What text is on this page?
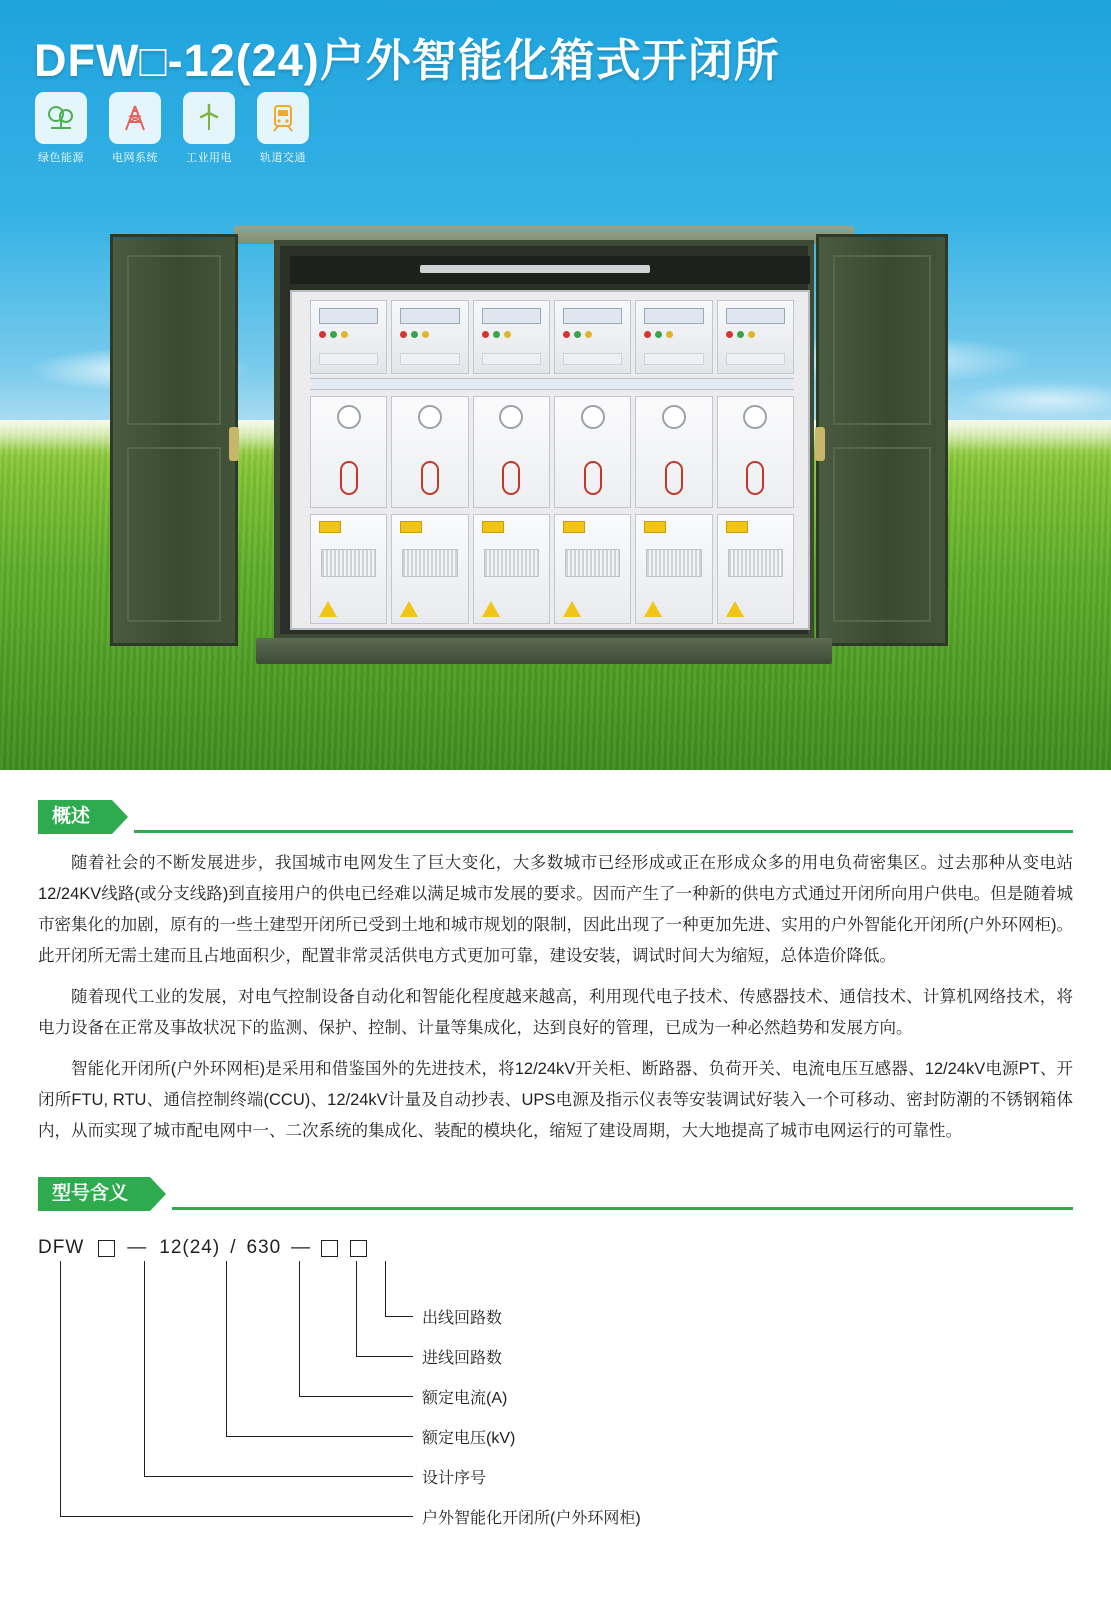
DFW□-12(24)户外智能化箱式开闭所
绿色能源	电网系统	工业用电	轨道交通
概述

随着社会的不断发展进步，我国城市电网发生了巨大变化，大多数城市已经形成或正在形成众多的用电负荷密集区。过去那种从变电站12/24KV线路(或分支线路)到直接用户的供电已经难以满足城市发展的要求。因而产生了一种新的供电方式通过开闭所向用户供电。但是随着城市密集化的加剧，原有的一些土建型开闭所已受到土地和城市规划的限制，因此出现了一种更加先进、实用的户外智能化开闭所(户外环网柜)。此开闭所无需土建而且占地面积少，配置非常灵活供电方式更加可靠，建设安装，调试时间大为缩短，总体造价降低。

随着现代工业的发展，对电气控制设备自动化和智能化程度越来越高，利用现代电子技术、传感器技术、通信技术、计算机网络技术，将电力设备在正常及事故状况下的监测、保护、控制、计量等集成化，达到良好的管理，已成为一种必然趋势和发展方向。

智能化开闭所(户外环网柜)是采用和借鉴国外的先进技术，将12/24kV开关柜、断路器、负荷开关、电流电压互感器、12/24kV电源PT、开闭所FTU, RTU、通信控制终端(CCU)、12/24kV计量及自动抄表、UPS电源及指示仪表等安装调试好装入一个可移动、密封防潮的不锈钢箱体内，从而实现了城市配电网中一、二次系统的集成化、装配的模块化，缩短了建设周期，大大地提高了城市电网运行的可靠性。

型号含义
DFW — 12(24) / 630 —
出线回路数
进线回路数
额定电流(A)
额定电压(kV)
设计序号
户外智能化开闭所(户外环网柜)
